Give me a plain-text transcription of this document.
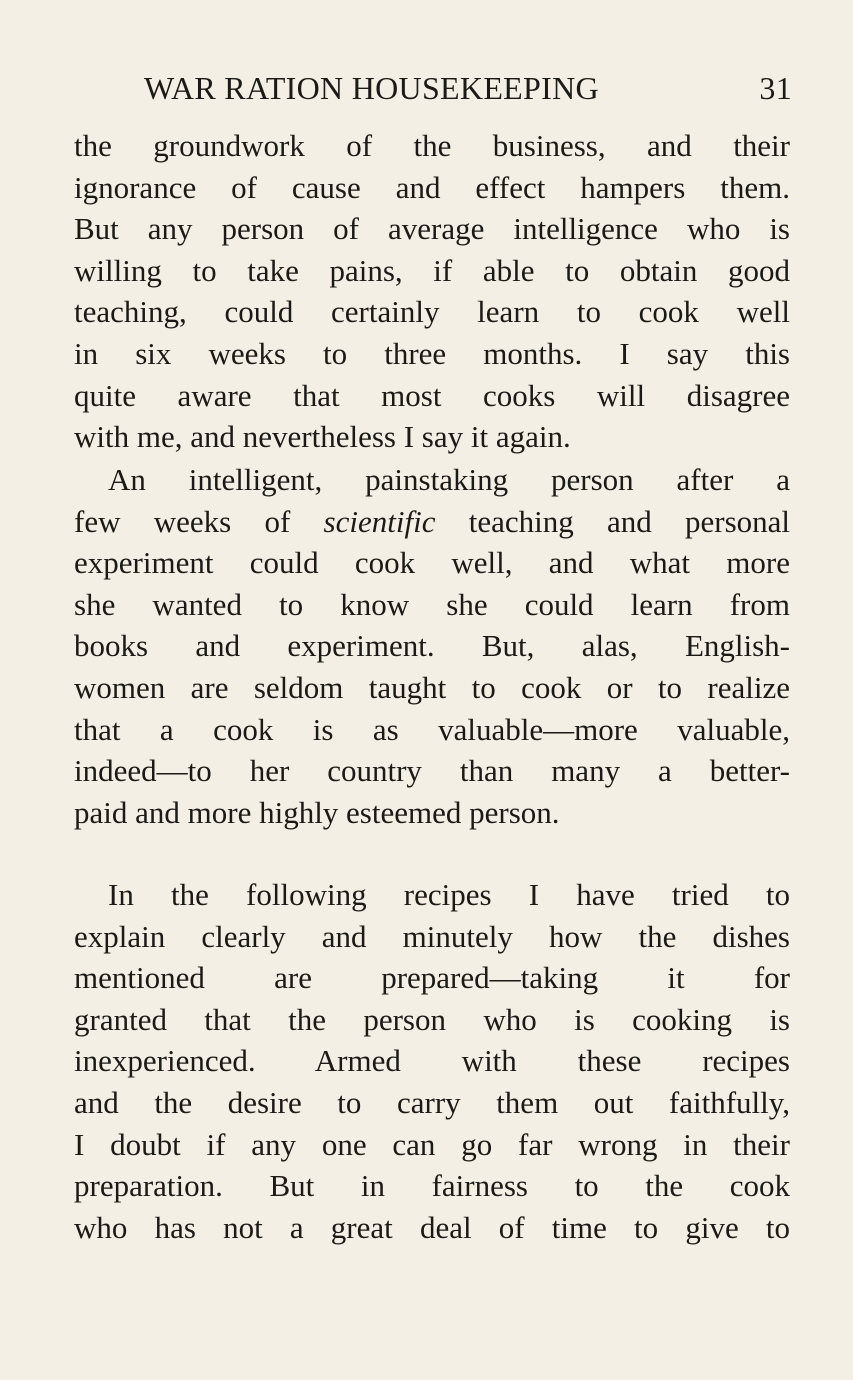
WAR RATION HOUSEKEEPING	31
the groundwork of the business, and their
ignorance of cause and effect hampers them.
But any person of average intelligence who is
willing to take pains, if able to obtain good
teaching, could certainly learn to cook well
in six weeks to three months. I say this
quite aware that most cooks will disagree
with me, and nevertheless I say it again.
An intelligent, painstaking person after a
few weeks of scientific teaching and personal
experiment could cook well, and what more
she wanted to know she could learn from
books and experiment. But, alas, English-
women are seldom taught to cook or to realize
that a cook is as valuable—more valuable,
indeed—to her country than many a better-
paid and more highly esteemed person.
In the following recipes I have tried to
explain clearly and minutely how the dishes
mentioned are prepared—taking it for
granted that the person who is cooking is
inexperienced. Armed with these recipes
and the desire to carry them out faithfully,
I doubt if any one can go far wrong in their
preparation. But in fairness to the cook
who has not a great deal of time to give to
